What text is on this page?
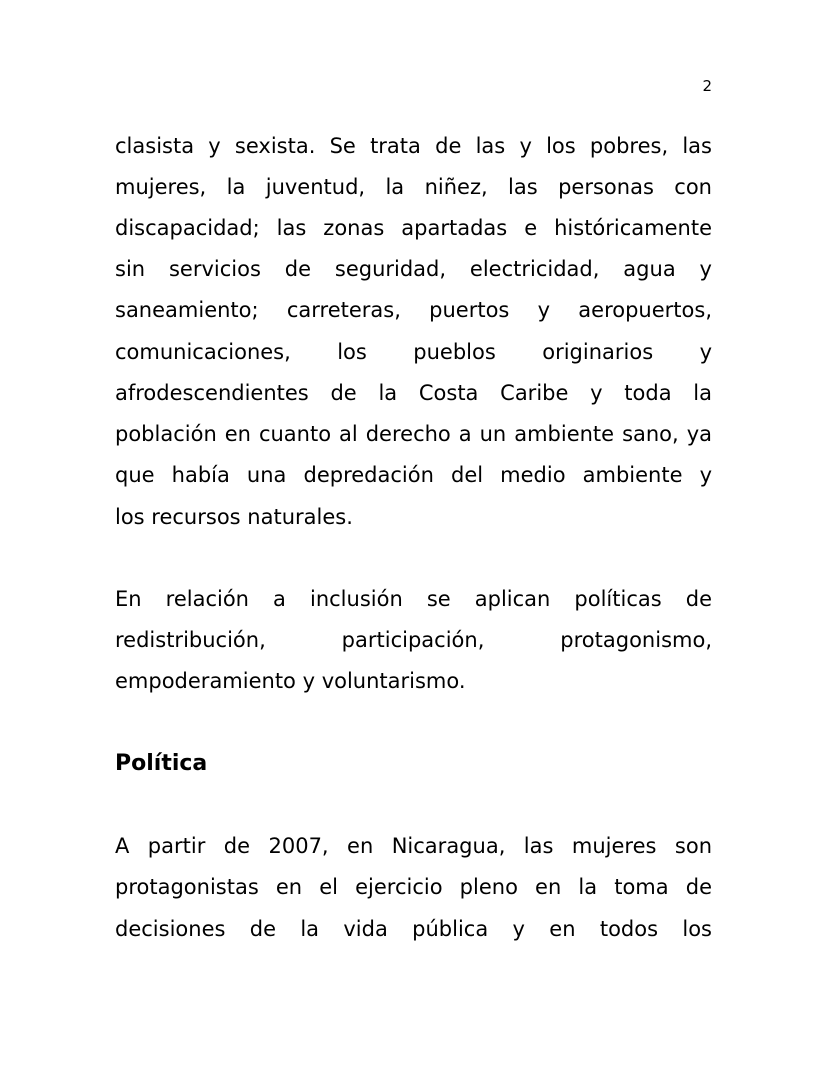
2
clasista y sexista. Se trata de las y los pobres, las
mujeres, la juventud, la niñez, las personas con
discapacidad; las zonas apartadas e históricamente
sin servicios de seguridad, electricidad, agua y
saneamiento; carreteras, puertos y aeropuertos,
comunicaciones, los pueblos originarios y
afrodescendientes de la Costa Caribe y toda la
población en cuanto al derecho a un ambiente sano, ya
que había una depredación del medio ambiente y
los recursos naturales.
En relación a inclusión se aplican políticas de
redistribución, participación, protagonismo,
empoderamiento y voluntarismo.
Política
A partir de 2007, en Nicaragua, las mujeres son
protagonistas en el ejercicio pleno en la toma de
decisiones de la vida pública y en todos los
